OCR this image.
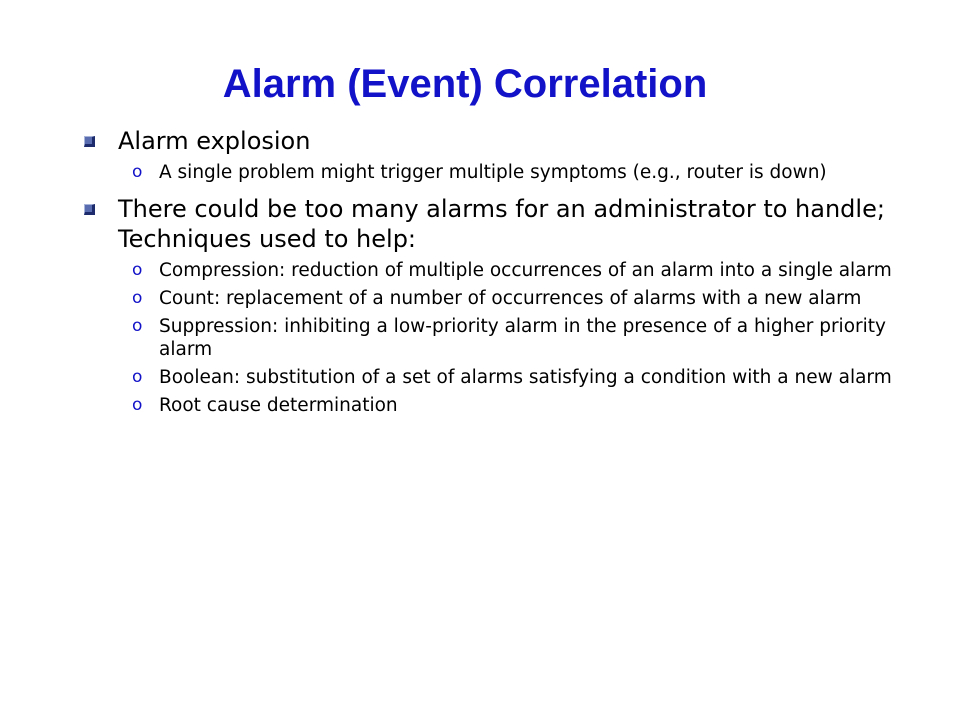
Alarm (Event) Correlation
Alarm explosion
o A single problem might trigger multiple symptoms (e.g., router is down)
There could be too many alarms for an administrator to handle; Techniques used to help:
o Compression: reduction of multiple occurrences of an alarm into a single alarm
o Count: replacement of a number of occurrences of alarms with a new alarm
o Suppression: inhibiting a low-priority alarm in the presence of a higher priority alarm
o Boolean: substitution of a set of alarms satisfying a condition with a new alarm
o Root cause determination
